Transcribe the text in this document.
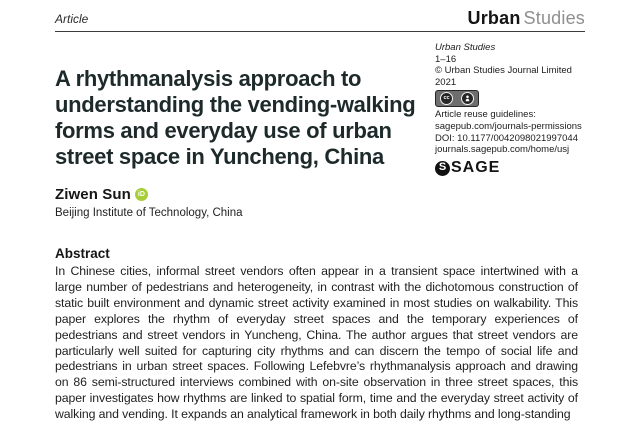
Article	Urban Studies
A rhythmanalysis approach to understanding the vending-walking forms and everyday use of urban street space in Yuncheng, China
Ziwen Sun	iD
Beijing Institute of Technology, China
Urban Studies
1–16
© Urban Studies Journal Limited 2021
cc
Article reuse guidelines:
sagepub.com/journals-permissions
DOI: 10.1177/0042098021997044
journals.sagepub.com/home/usj
S SAGE
Abstract

In Chinese cities, informal street vendors often appear in a transient space intertwined with a large number of pedestrians and heterogeneity, in contrast with the dichotomous construction of static built environment and dynamic street activity examined in most studies on walkability. This paper explores the rhythm of everyday street spaces and the temporary experiences of pedestrians and street vendors in Yuncheng, China. The author argues that street vendors are particularly well suited for capturing city rhythms and can discern the tempo of social life and pedestrians in urban street spaces. Following Lefebvre’s rhythmanalysis approach and drawing on 86 semi-structured interviews combined with on-site observation in three street spaces, this paper investigates how rhythms are linked to spatial form, time and the everyday street activity of walking and vending. It expands an analytical framework in both daily rhythms and long-standing
